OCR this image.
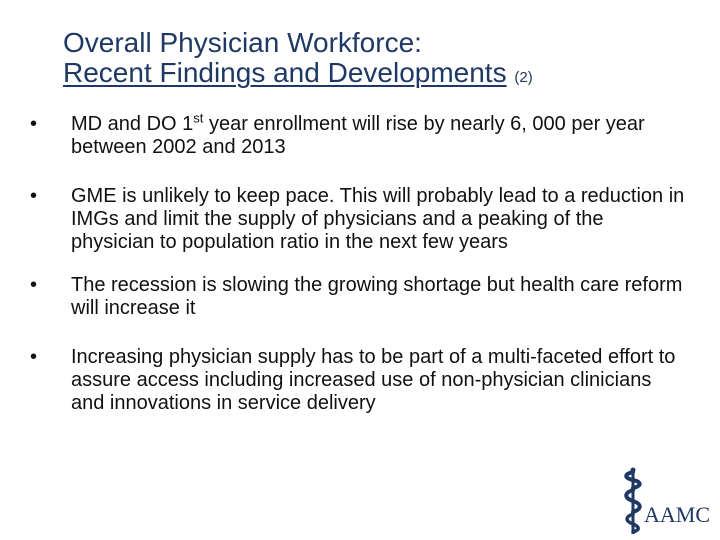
Overall Physician Workforce:
Recent Findings and Developments (2)
• MD and DO 1st year enrollment will rise by nearly 6, 000 per year between 2002 and 2013
• GME is unlikely to keep pace. This will probably lead to a reduction in IMGs and limit the supply of physicians and a peaking of the physician to population ratio in the next few years
• The recession is slowing the growing shortage but health care reform will increase it
• Increasing physician supply has to be part of a multi-faceted effort to assure access including increased use of non-physician clinicians and innovations in service delivery
AAMC
